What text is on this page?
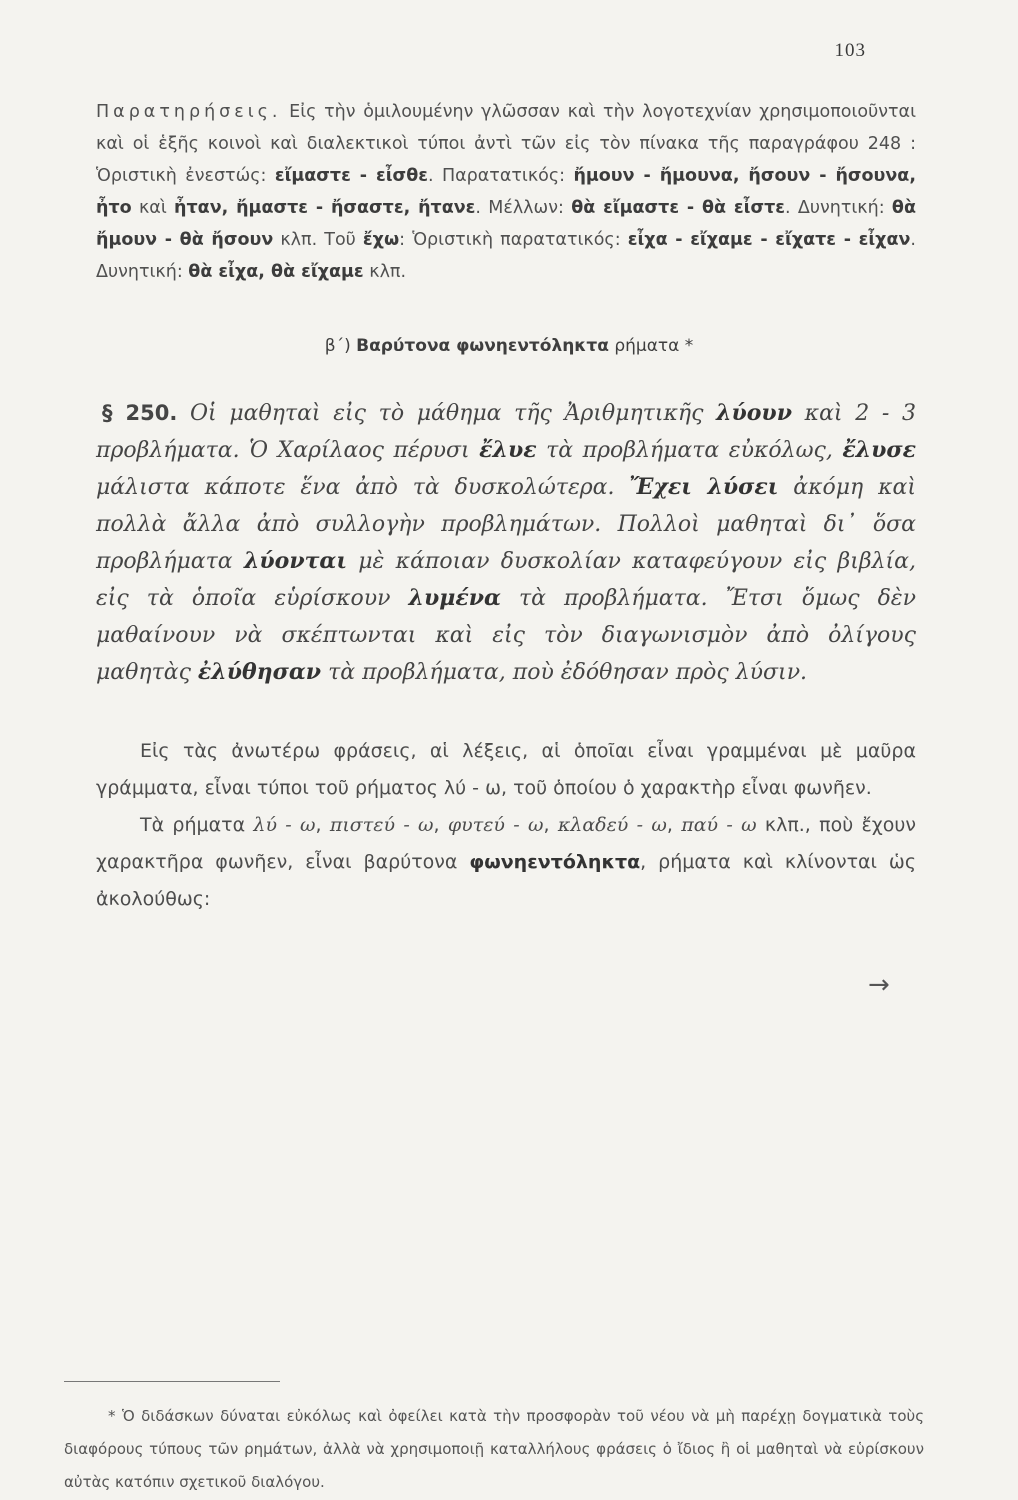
103
Παρατηρήσεις. Εἰς τὴν ὁμιλουμένην γλῶσσαν καὶ τὴν λογοτεχνίαν χρησιμοποιοῦνται καὶ οἱ ἑξῆς κοινοὶ καὶ διαλεκτικοὶ τύποι ἀντὶ τῶν εἰς τὸν πίνακα τῆς παραγράφου 248 : Ὁριστικὴ ἐνεστώς: εἴμαστε - εἶσθε. Παρατατικός: ἤμουν - ἤμουνα, ἤσουν - ἤσουνα, ἦτο καὶ ἦταν, ἤμαστε - ἤσαστε, ἤτανε. Μέλλων: θὰ εἴμαστε - θὰ εἶστε. Δυνητική: θὰ ἤμουν - θὰ ἤσουν κλπ. Τοῦ ἔχω: Ὁριστικὴ παρατατικός: εἶχα - εἴχαμε - εἴχατε - εἶχαν. Δυνητική: θὰ εἶχα, θὰ εἴχαμε κλπ.
β΄) Βαρύτονα φωνηεντόληκτα ρήματα *
§ 250. Οἱ μαθηταὶ εἰς τὸ μάθημα τῆς Ἀριθμητικῆς λύουν καὶ 2 - 3 προβλήματα. Ὁ Χαρίλαος πέρυσι ἔλυε τὰ προβλήματα εὐκόλως, ἔλυσε μάλιστα κάποτε ἕνα ἀπὸ τὰ δυσκολώτερα. Ἔχει λύσει ἀκόμη καὶ πολλὰ ἄλλα ἀπὸ συλλογὴν προβλημάτων. Πολλοὶ μαθηταὶ δι᾿ ὅσα προβλήματα λύονται μὲ κάποιαν δυσκολίαν καταφεύγουν εἰς βιβλία, εἰς τὰ ὁποῖα εὑρίσκουν λυμένα τὰ προβλήματα. Ἔτσι ὅμως δὲν μαθαίνουν νὰ σκέπτωνται καὶ εἰς τὸν διαγωνισμὸν ἀπὸ ὀλίγους μαθητὰς ἐλύθησαν τὰ προβλήματα, ποὺ ἐδόθησαν πρὸς λύσιν.

Εἰς τὰς ἀνωτέρω φράσεις, αἱ λέξεις, αἱ ὁποῖαι εἶναι γραμμέναι μὲ μαῦρα γράμματα, εἶναι τύποι τοῦ ρήματος λύ - ω, τοῦ ὁποίου ὁ χαρακτὴρ εἶναι φωνῆεν.

Τὰ ρήματα λύ - ω, πιστεύ - ω, φυτεύ - ω, κλαδεύ - ω, παύ - ω κλπ., ποὺ ἔχουν χαρακτῆρα φωνῆεν, εἶναι βαρύτονα φωνηεντόληκτα, ρήματα καὶ κλίνονται ὡς ἀκολούθως:

→
* Ὁ διδάσκων δύναται εὐκόλως καὶ ὀφείλει κατὰ τὴν προσφορὰν τοῦ νέου νὰ μὴ παρέχῃ δογματικὰ τοὺς διαφόρους τύπους τῶν ρημάτων, ἀλλὰ νὰ χρησιμοποιῇ καταλλήλους φράσεις ὁ ἴδιος ἢ οἱ μαθηταὶ νὰ εὑρίσκουν αὐτὰς κατόπιν σχετικοῦ διαλόγου.
